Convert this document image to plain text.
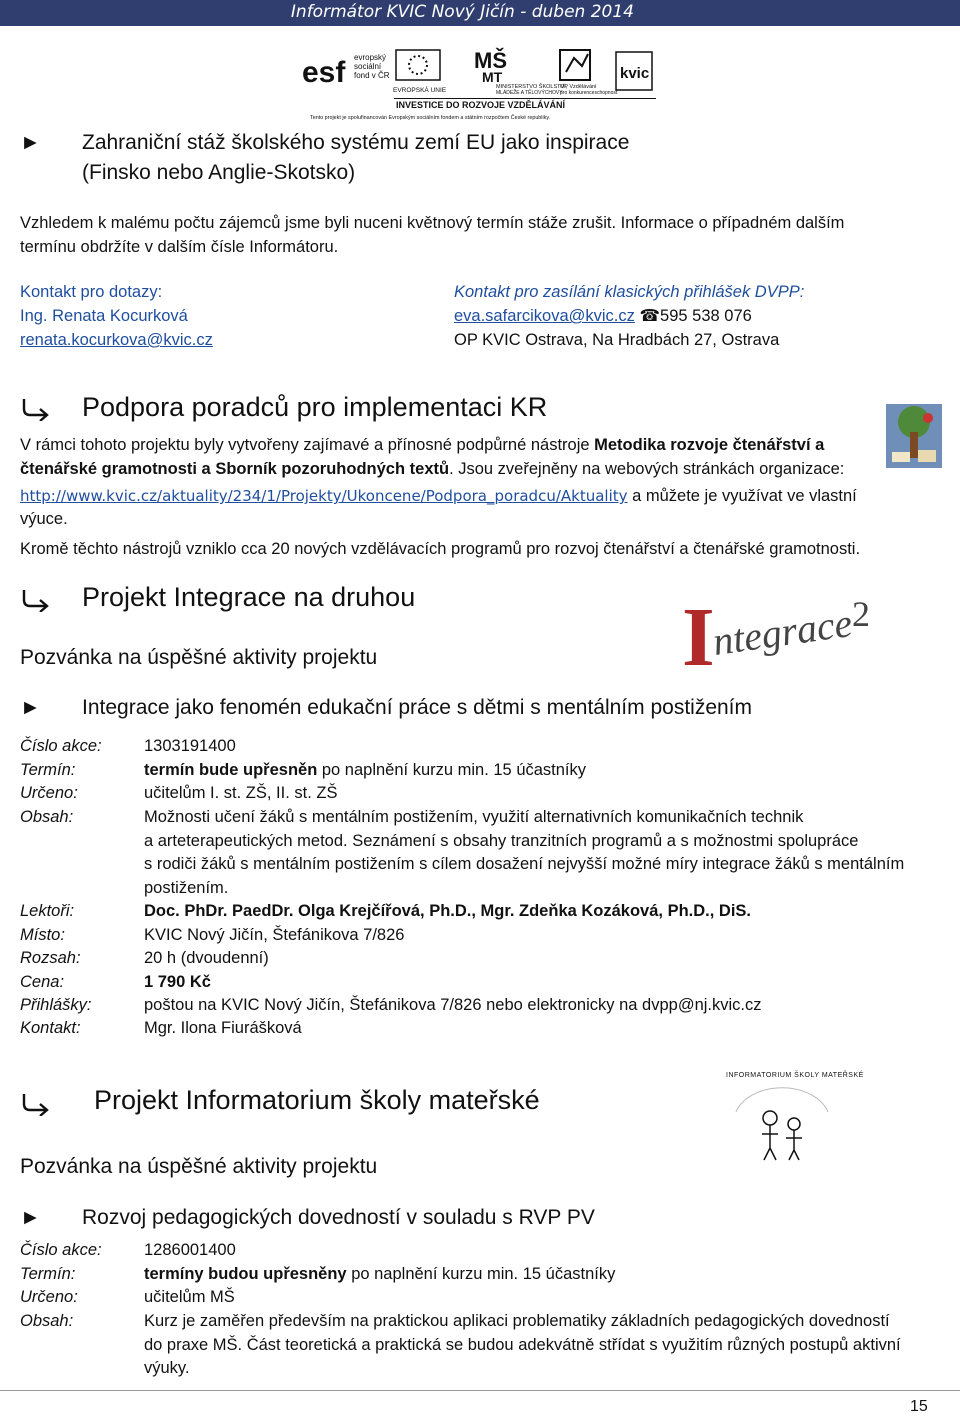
Informátor KVIC Nový Jičín - duben 2014
esf evropský
sociální
fond v ČR
EVROPSKÁ UNIE
MŠ
MT
MINISTERSTVO ŠKOLSTVÍ,
MLÁDEŽE A TĚLOVÝCHOVY
OP Vzdělávání
pro konkurenceschopnost
kvic
INVESTICE DO ROZVOJE VZDĚLÁVÁNÍ
Tento projekt je spolufinancován Evropským sociálním fondem a státním rozpočtem České republiky.
► Zahraniční stáž školského systému zemí EU jako inspirace
(Finsko nebo Anglie-Skotsko)
Vzhledem k malému počtu zájemců jsme byli nuceni květnový termín stáže zrušit. Informace o případném dalším
termínu obdržíte v dalším čísle Informátoru.
Kontakt pro dotazy:
Ing. Renata Kocurková
renata.kocurkova@kvic.cz
Kontakt pro zasílání klasických přihlášek DVPP:
eva.safarcikova@kvic.cz ☎595 538 076
OP KVIC Ostrava, Na Hradbách 27, Ostrava
Podpora poradců pro implementaci KR
V rámci tohoto projektu byly vytvořeny zajímavé a přínosné podpůrné nástroje Metodika rozvoje čtenářství a
čtenářské gramotnosti a Sborník pozoruhodných textů. Jsou zveřejněny na webových stránkách organizace:
http://www.kvic.cz/aktuality/234/1/Projekty/Ukoncene/Podpora_poradcu/Aktuality a můžete je využívat ve vlastní
výuce.
Kromě těchto nástrojů vzniklo cca 20 nových vzdělávacích programů pro rozvoj čtenářství a čtenářské gramotnosti.
Projekt Integrace na druhou	I
ntegrace
2
Pozvánka na úspěšné aktivity projektu
► Integrace jako fenomén edukační práce s dětmi s mentálním postižením
Číslo akce:	1303191400
Termín:	termín bude upřesněn po naplnění kurzu min. 15 účastníky
Určeno:	učitelům I. st. ZŠ, II. st. ZŠ
Obsah:	Možnosti učení žáků s mentálním postižením, využití alternativních komunikačních technik
a arteterapeutických metod. Seznámení s obsahy tranzitních programů a s možnostmi spolupráce
s rodiči žáků s mentálním postižením s cílem dosažení nejvyšší možné míry integrace žáků s mentálním
postižením.
Lektoři:	Doc. PhDr. PaedDr. Olga Krejčířová, Ph.D., Mgr. Zdeňka Kozáková, Ph.D., DiS.
Místo:	KVIC Nový Jičín, Štefánikova 7/826
Rozsah:	20 h (dvoudenní)
Cena:	1 790 Kč
Přihlášky:	poštou na KVIC Nový Jičín, Štefánikova 7/826 nebo elektronicky na dvpp@nj.kvic.cz
Kontakt:	Mgr. Ilona Fiurášková
Projekt Informatorium školy mateřské
INFORMATORIUM ŠKOLY MATEŘSKÉ
Pozvánka na úspěšné aktivity projektu
► Rozvoj pedagogických dovedností v souladu s RVP PV
Číslo akce:	1286001400
Termín:	termíny budou upřesněny po naplnění kurzu min. 15 účastníky
Určeno:	učitelům MŠ
Obsah:	Kurz je zaměřen především na praktickou aplikaci problematiky základních pedagogických dovedností
do praxe MŠ. Část teoretická a praktická se budou adekvátně střídat s využitím různých postupů aktivní
výuky.
15
